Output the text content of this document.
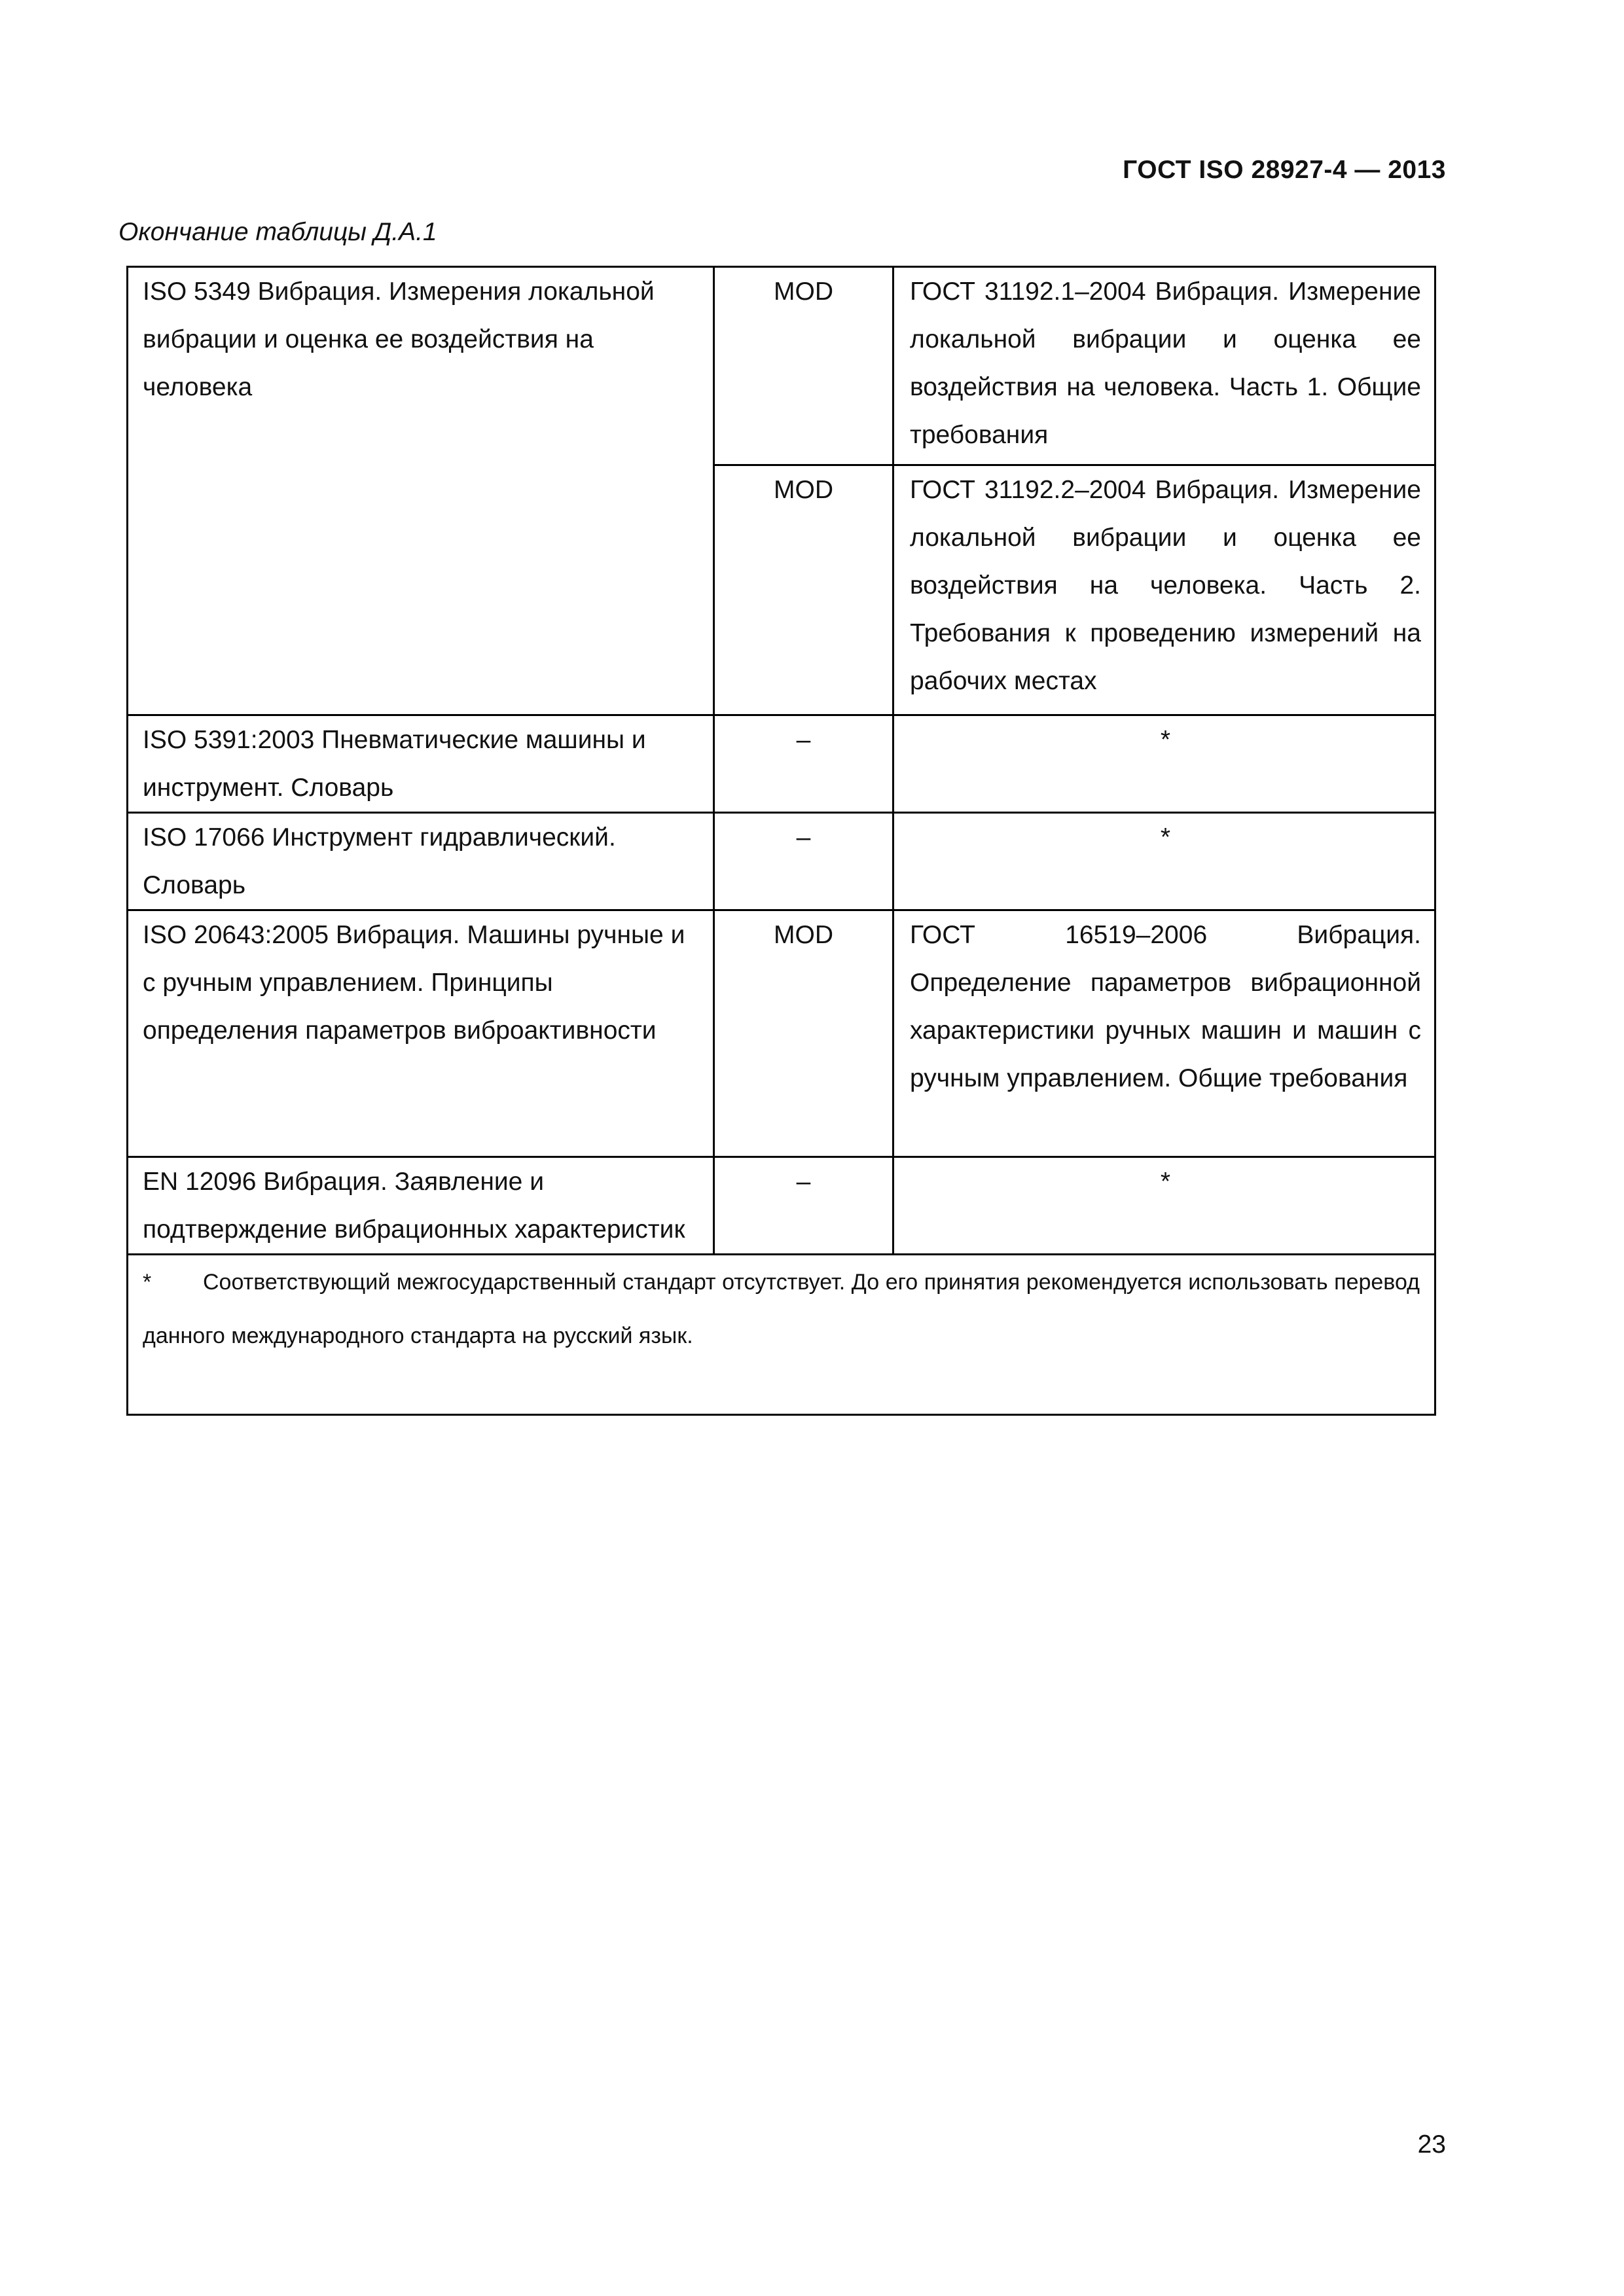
ГОСТ ISO 28927-4 — 2013
Окончание таблицы Д.А.1
ISO 5349 Вибрация. Измерения локальной вибрации и оценка ее воздействия на человека	MOD	ГОСТ 31192.1–2004 Вибрация. Измерение локальной вибрации и оценка ее воздействия на человека. Часть 1. Общие требования
	MOD	ГОСТ 31192.2–2004 Вибрация. Измерение локальной вибрации и оценка ее воздействия на человека. Часть 2. Требования к проведению измерений на рабочих местах
ISO 5391:2003 Пневматические машины и инструмент. Словарь	–	*
ISO 17066 Инструмент гидравлический. Словарь	–	*
ISO 20643:2005 Вибрация. Машины ручные и с ручным управлением. Принципы определения параметров виброактивности	MOD	ГОСТ 16519–2006 Вибрация. Определение параметров вибрационной характеристики ручных машин и машин с ручным управлением. Общие требования
EN 12096 Вибрация. Заявление и подтверждение вибрационных характеристик	–	*
* Соответствующий межгосударственный стандарт отсутствует. До его принятия рекомендуется использовать перевод данного международного стандарта на русский язык.		
23
